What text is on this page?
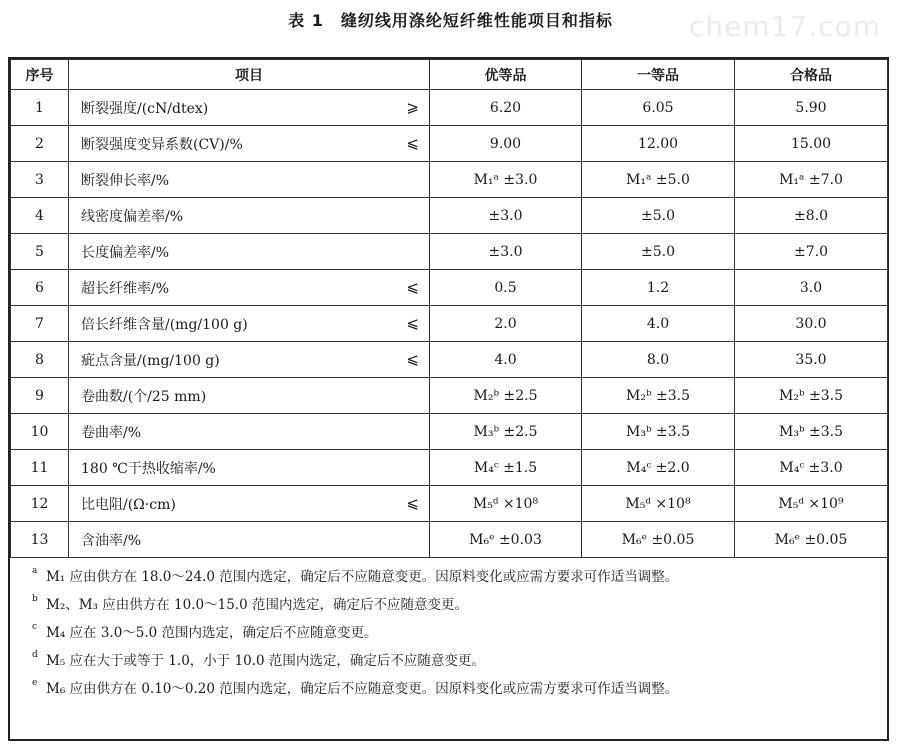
chem17.com
表 1　缝纫线用涤纶短纤维性能项目和指标
序号	项目	优等品	一等品	合格品
1	断裂强度/(cN/dtex) ⩾	6.20	6.05	5.90
2	断裂强度变异系数(CV)/% ⩽	9.00	12.00	15.00
3	断裂伸长率/%	M₁ᵃ ±3.0	M₁ᵃ ±5.0	M₁ᵃ ±7.0
4	线密度偏差率/%	±3.0	±5.0	±8.0
5	长度偏差率/%	±3.0	±5.0	±7.0
6	超长纤维率/% ⩽	0.5	1.2	3.0
7	倍长纤维含量/(mg/100 g) ⩽	2.0	4.0	30.0
8	疵点含量/(mg/100 g) ⩽	4.0	8.0	35.0
9	卷曲数/(个/25 mm)	M₂ᵇ ±2.5	M₂ᵇ ±3.5	M₂ᵇ ±3.5
10	卷曲率/%	M₃ᵇ ±2.5	M₃ᵇ ±3.5	M₃ᵇ ±3.5
11	180 ℃干热收缩率/%	M₄ᶜ ±1.5	M₄ᶜ ±2.0	M₄ᶜ ±3.0
12	比电阻/(Ω·cm) ⩽	M₅ᵈ ×10⁸	M₅ᵈ ×10⁸	M₅ᵈ ×10⁹
13	含油率/%	M₆ᵉ ±0.03	M₆ᵉ ±0.05	M₆ᵉ ±0.05
a M₁ 应由供方在 18.0～24.0 范围内选定，确定后不应随意变更。因原料变化或应需方要求可作适当调整。
b M₂、M₃ 应由供方在 10.0～15.0 范围内选定，确定后不应随意变更。
c M₄ 应在 3.0～5.0 范围内选定，确定后不应随意变更。
d M₅ 应在大于或等于 1.0，小于 10.0 范围内选定，确定后不应随意变更。
e M₆ 应由供方在 0.10～0.20 范围内选定，确定后不应随意变更。因原料变化或应需方要求可作适当调整。
